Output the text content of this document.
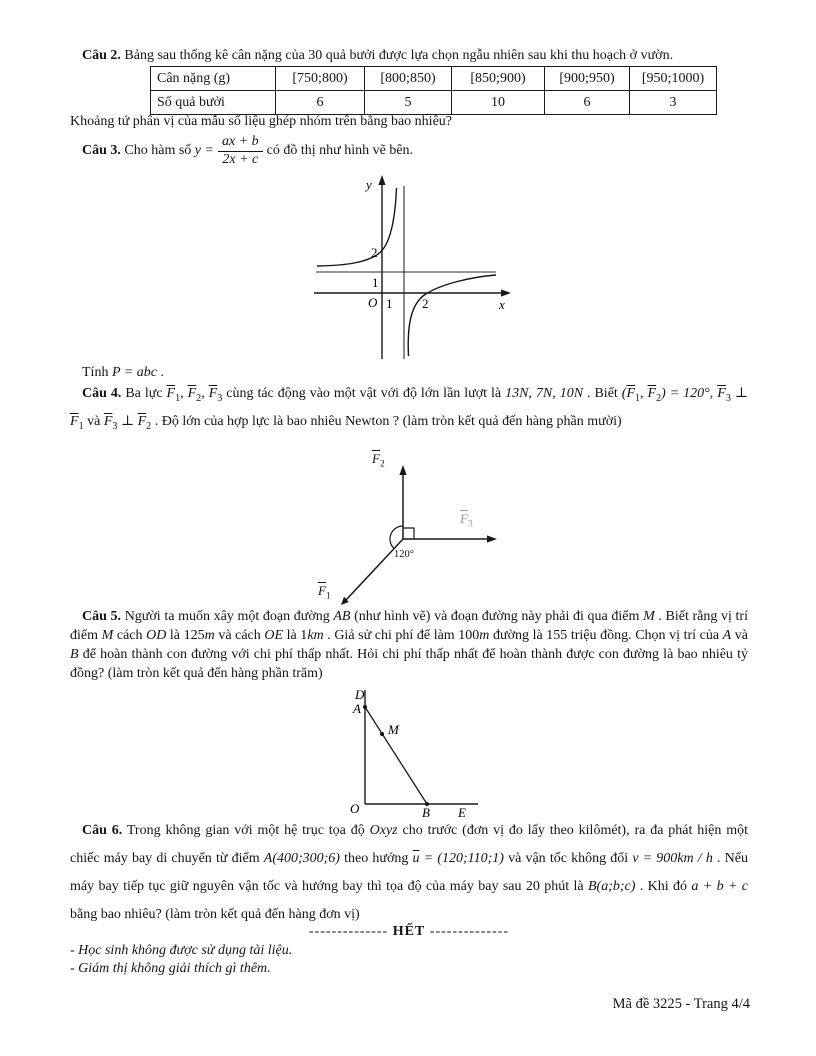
Câu 2. Bảng sau thống kê cân nặng của 30 quả bưởi được lựa chọn ngẫu nhiên sau khi thu hoạch ở vườn.
Cân nặng (g)	[750;800)	[800;850)	[850;900)	[900;950)	[950;1000)
Số quả bưởi	6	5	10	6	3
Khoảng tứ phân vị của mẫu số liệu ghép nhóm trên bằng bao nhiêu?
Câu 3. Cho hàm số $y = \frac{ax + b}{2x + c}$ có đồ thị như hình vẽ bên.
y
x
O
2
1
1 2
Tính P = abc .
Câu 4. Ba lực $\overline{F}_1$, $\overline{F}_2$, $\overline{F}_3$ cùng tác động vào một vật với độ lớn lần lượt là 13N, 7N, 10N . Biết ($\overline{F}_1$, $\overline{F}_2) = 120^\circ$, $\overline{F}_3$ ⊥ $\overline{F}_1$ và $\overline{F}_3$ ⊥ $\overline{F}_2$ . Độ lớn của hợp lực là bao nhiêu Newton ? (làm tròn kết quả đến hàng phần mười)
$\overline{F}_2$
$\overline{F}_3$
$\overline{F}_1$
120°
Câu 5. Người ta muốn xây một đoạn đường AB (như hình vẽ) và đoạn đường này phải đi qua điểm M . Biết rằng vị trí điểm M cách OD là 125m và cách OE là 1km . Giả sử chi phí để làm 100m đường là 155 triệu đồng. Chọn vị trí của A và B để hoàn thành con đường với chi phí thấp nhất. Hỏi chi phí thấp nhất để hoàn thành được con đường là bao nhiêu tỷ đồng? (làm tròn kết quả đến hàng phần trăm)
D
A
M
O	B E
Câu 6. Trong không gian với một hệ trục tọa độ Oxyz cho trước (đơn vị đo lấy theo kilômét), ra đa phát hiện một chiếc máy bay di chuyển từ điểm A(400;300;6) theo hướng $\overline{u}$ = (120;110;1) và vận tốc không đổi v = 900km / h . Nếu máy bay tiếp tục giữ nguyên vận tốc và hướng bay thì tọa độ của máy bay sau 20 phút là B(a;b;c) . Khi đó a + b + c bằng bao nhiêu? (làm tròn kết quả đến hàng đơn vị)
-------------- HẾT --------------
- Học sinh không được sử dụng tài liệu.
- Giám thị không giải thích gì thêm.
Mã đề 3225 - Trang 4/4
